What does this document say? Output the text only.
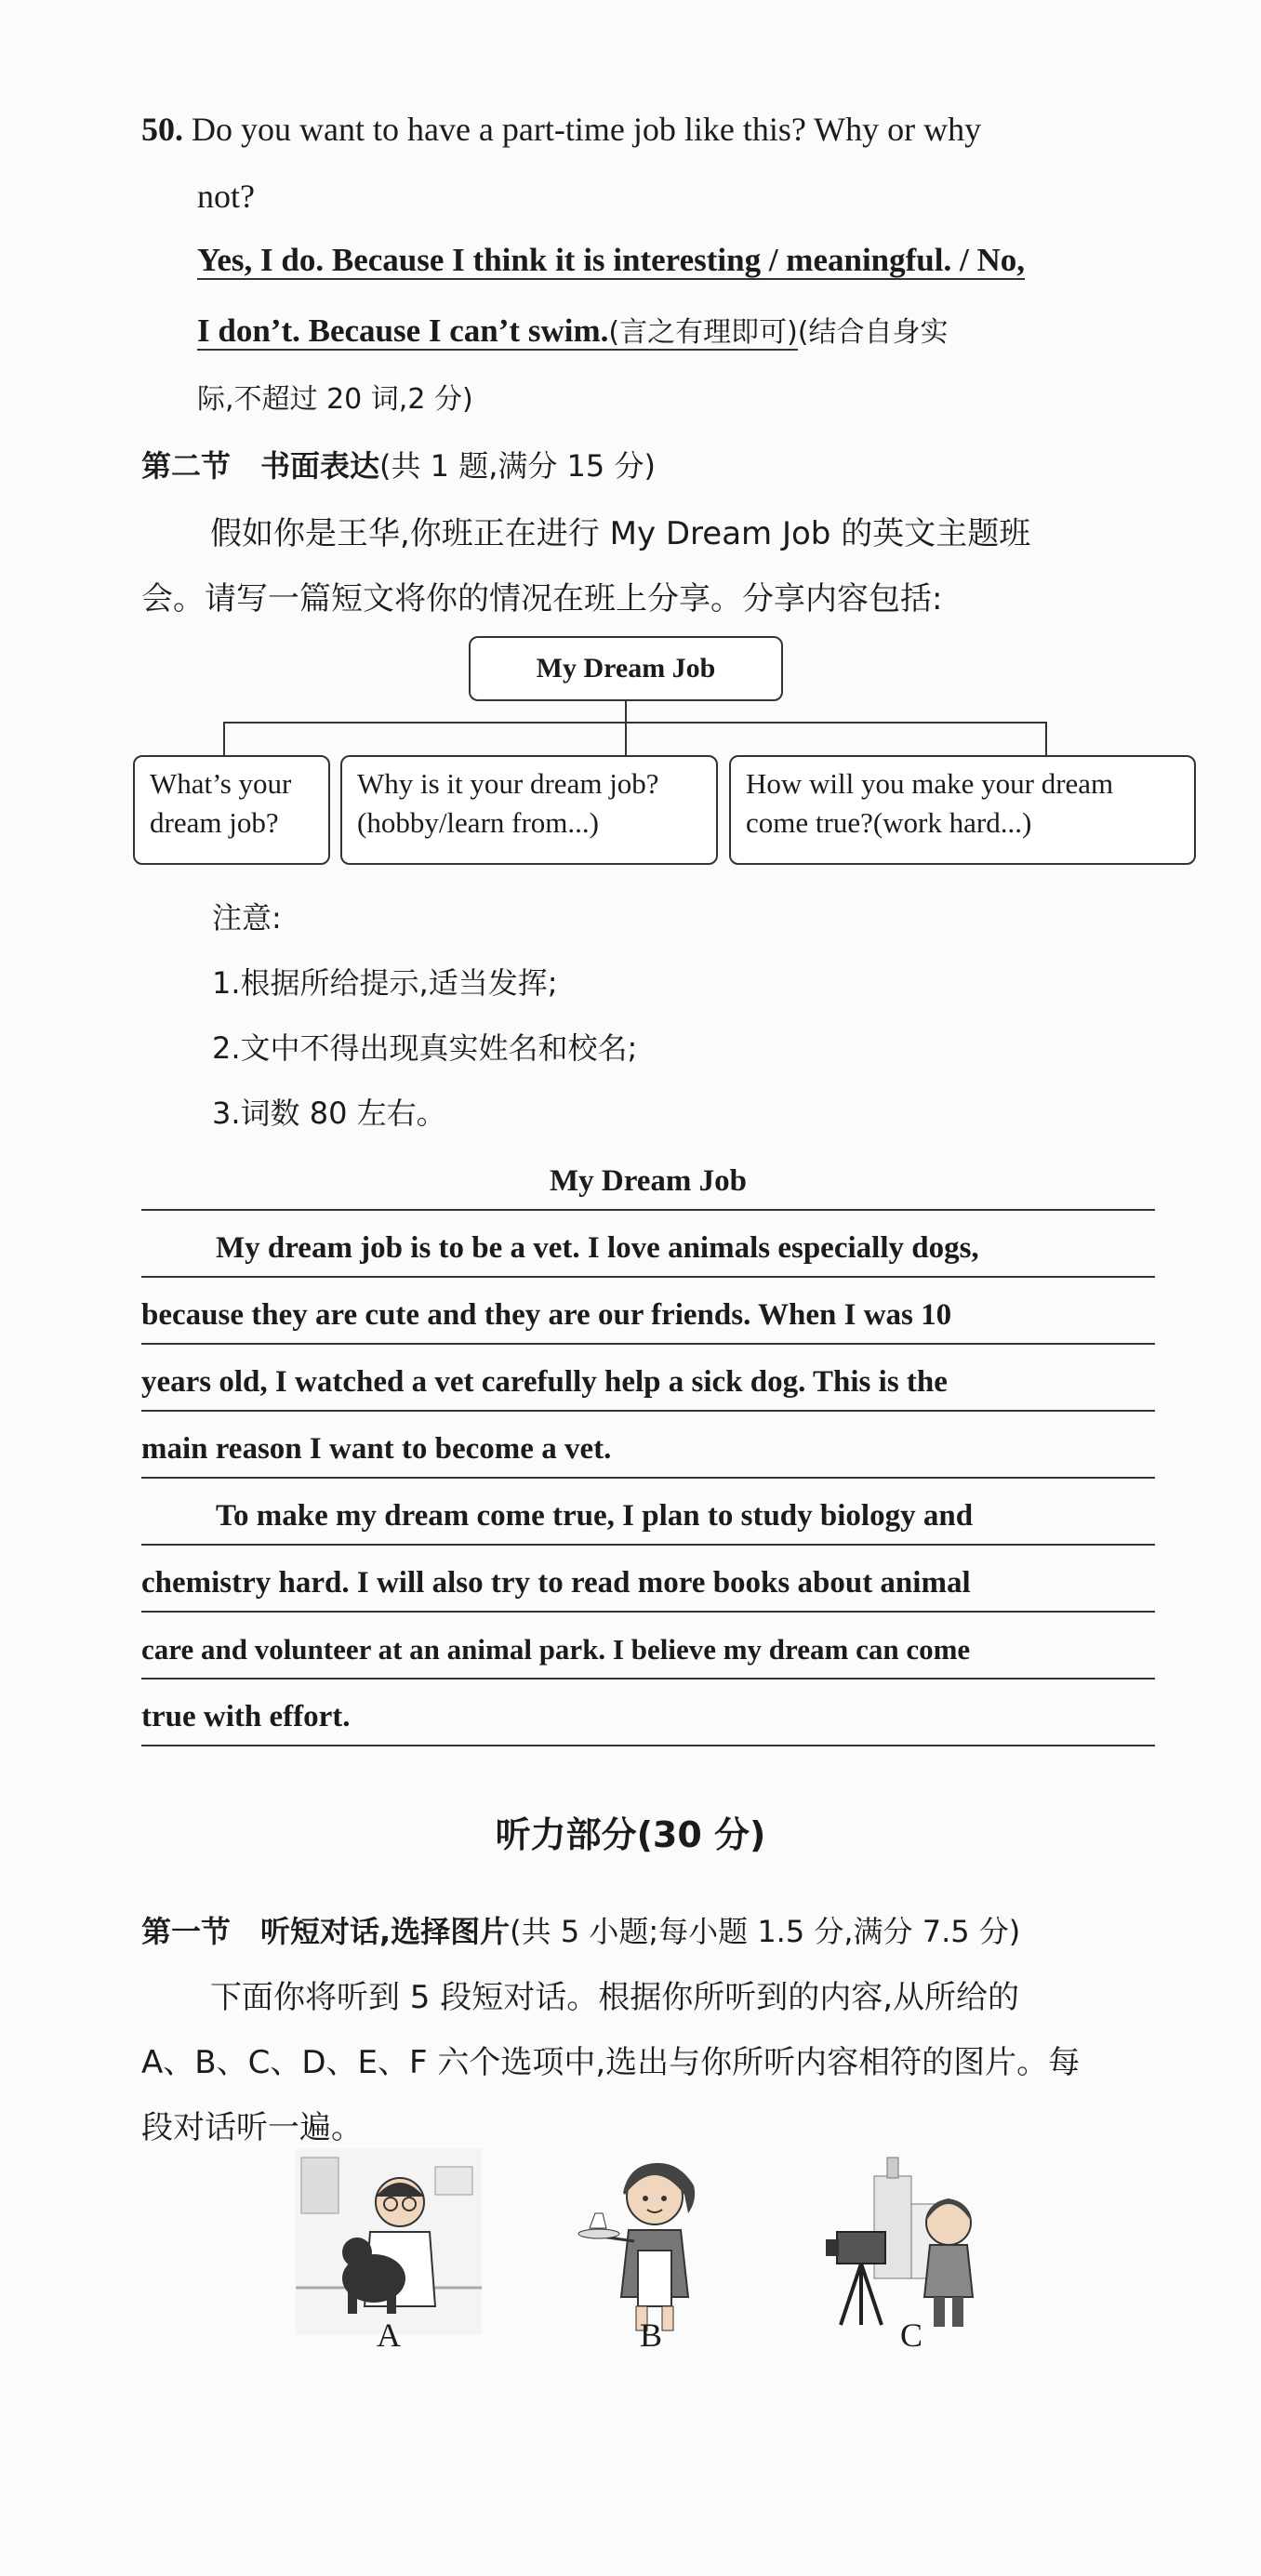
50. Do you want to have a part-time job like this? Why or why
not?
Yes, I do. Because I think it is interesting / meaningful. / No,
I don’t. Because I can’t swim.(言之有理即可)(结合自身实
际,不超过 20 词,2 分)
第二节　书面表达(共 1 题,满分 15 分)
假如你是王华,你班正在进行 My Dream Job 的英文主题班
会。请写一篇短文将你的情况在班上分享。分享内容包括:
My Dream Job
What’s your
dream job?
Why is it your dream job?
(hobby/learn from...)
How will you make your dream
come true?(work hard...)
注意:
1.根据所给提示,适当发挥;
2.文中不得出现真实姓名和校名;
3.词数 80 左右。
My Dream Job
My dream job is to be a vet. I love animals especially dogs,
because they are cute and they are our friends. When I was 10
years old, I watched a vet carefully help a sick dog. This is the
main reason I want to become a vet.
To make my dream come true, I plan to study biology and
chemistry hard. I will also try to read more books about animal
care and volunteer at an animal park. I believe my dream can come
true with effort.
听力部分(30 分)
第一节　听短对话,选择图片(共 5 小题;每小题 1.5 分,满分 7.5 分)
下面你将听到 5 段短对话。根据你所听到的内容,从所给的
A、B、C、D、E、F 六个选项中,选出与你所听内容相符的图片。每
段对话听一遍。
A	B	C
